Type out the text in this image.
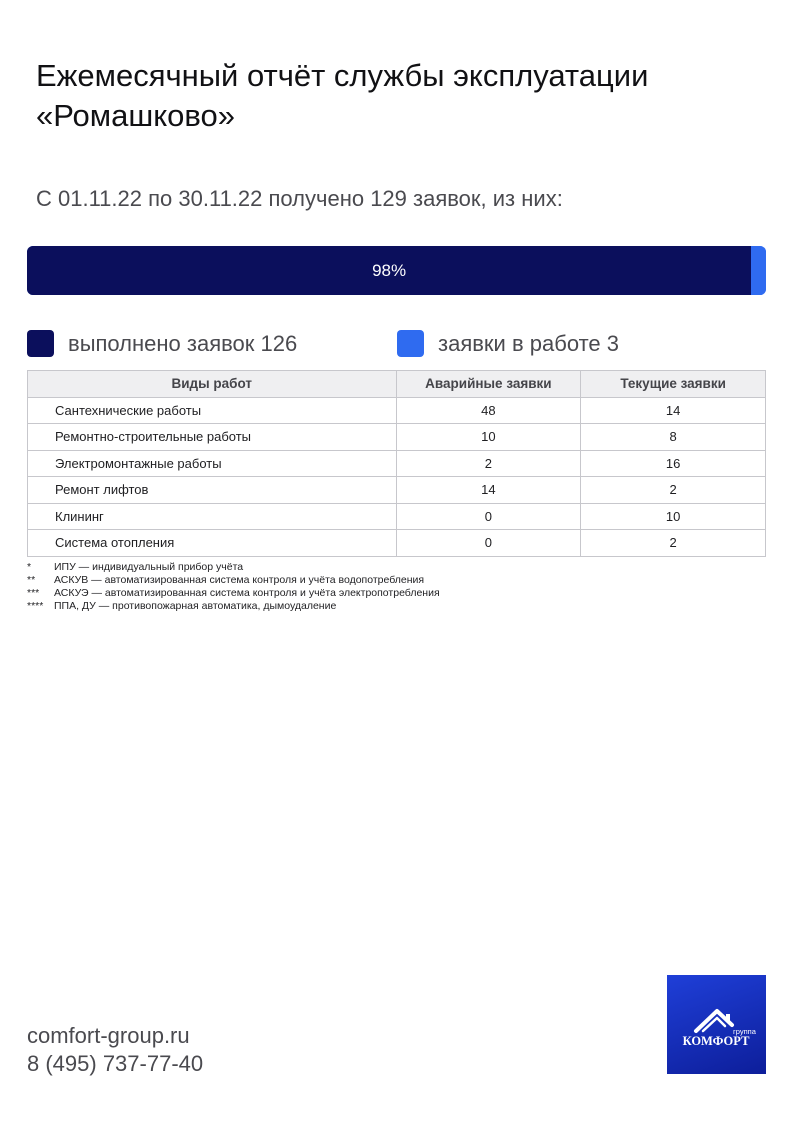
Ежемесячный отчёт службы эксплуатации
«Ромашково»
С 01.11.22 по 30.11.22 получено 129 заявок, из них:
98%
выполнено заявок 126	заявки в работе 3
Виды работ	Аварийные заявки	Текущие заявки
Сантехнические работы	48	14
Ремонтно-строительные работы	10	8
Электромонтажные работы	2	16
Ремонт лифтов	14	2
Клининг	0	10
Система отопления	0	2
*	ИПУ — индивидуальный прибор учёта
**	АСКУВ — автоматизированная система контроля и учёта водопотребления
***	АСКУЭ — автоматизированная система контроля и учёта электропотребления
****	ППА, ДУ — противопожарная автоматика, дымоудаление
comfort-group.ru
8 (495) 737-77-40
группа
КОМФОРТ
